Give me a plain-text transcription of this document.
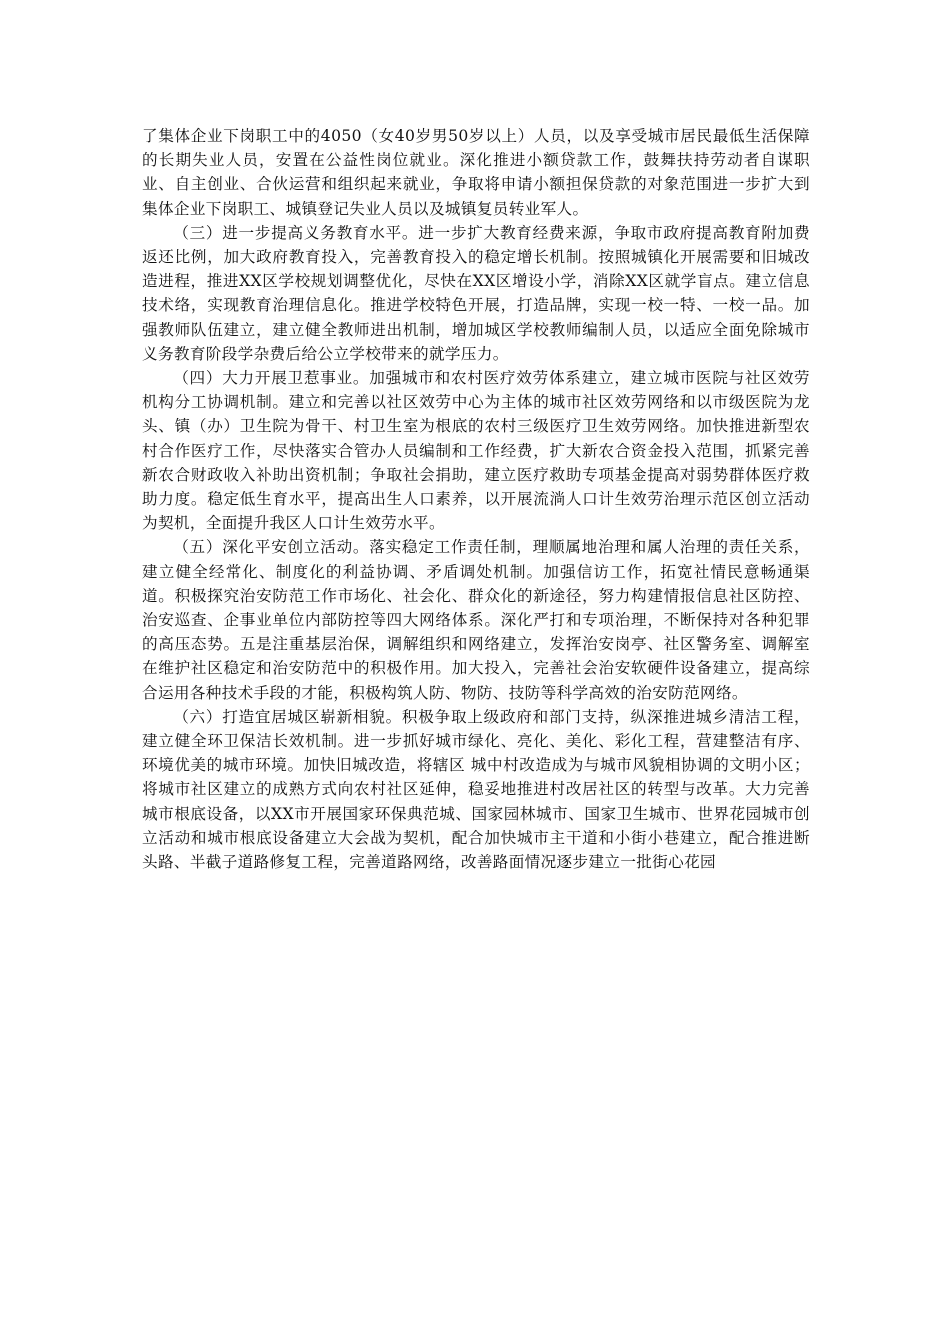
了集体企业下岗职工中的4050（女40岁男50岁以上）人员，以及享受城市居民最低生活保障的长期失业人员，安置在公益性岗位就业。深化推进小额贷款工作，鼓舞扶持劳动者自谋职业、自主创业、合伙运营和组织起来就业，争取将申请小额担保贷款的对象范围进一步扩大到集体企业下岗职工、城镇登记失业人员以及城镇复员转业军人。

（三）进一步提高义务教育水平。进一步扩大教育经费来源，争取市政府提高教育附加费返还比例，加大政府教育投入，完善教育投入的稳定增长机制。按照城镇化开展需要和旧城改造进程，推进XX区学校规划调整优化，尽快在XX区增设小学，消除XX区就学盲点。建立信息技术络，实现教育治理信息化。推进学校特色开展，打造品牌，实现一校一特、一校一品。加强教师队伍建立，建立健全教师进出机制，增加城区学校教师编制人员，以适应全面免除城市义务教育阶段学杂费后给公立学校带来的就学压力。

（四）大力开展卫惹事业。加强城市和农村医疗效劳体系建立，建立城市医院与社区效劳机构分工协调机制。建立和完善以社区效劳中心为主体的城市社区效劳网络和以市级医院为龙头、镇（办）卫生院为骨干、村卫生室为根底的农村三级医疗卫生效劳网络。加快推进新型农村合作医疗工作，尽快落实合管办人员编制和工作经费，扩大新农合资金投入范围，抓紧完善新农合财政收入补助出资机制；争取社会捐助，建立医疗救助专项基金提高对弱势群体医疗救助力度。稳定低生育水平，提高出生人口素养，以开展流淌人口计生效劳治理示范区创立活动为契机，全面提升我区人口计生效劳水平。

（五）深化平安创立活动。落实稳定工作责任制，理顺属地治理和属人治理的责任关系，建立健全经常化、制度化的利益协调、矛盾调处机制。加强信访工作，拓宽社情民意畅通渠道。积极探究治安防范工作市场化、社会化、群众化的新途径，努力构建情报信息社区防控、治安巡查、企事业单位内部防控等四大网络体系。深化严打和专项治理，不断保持对各种犯罪的高压态势。五是注重基层治保，调解组织和网络建立，发挥治安岗亭、社区警务室、调解室在维护社区稳定和治安防范中的积极作用。加大投入，完善社会治安软硬件设备建立，提高综合运用各种技术手段的才能，积极构筑人防、物防、技防等科学高效的治安防范网络。

（六）打造宜居城区崭新相貌。积极争取上级政府和部门支持，纵深推进城乡清洁工程，建立健全环卫保洁长效机制。进一步抓好城市绿化、亮化、美化、彩化工程，营建整洁有序、环境优美的城市环境。加快旧城改造，将辖区 城中村改造成为与城市风貌相协调的文明小区；将城市社区建立的成熟方式向农村社区延伸，稳妥地推进村改居社区的转型与改革。大力完善城市根底设备，以XX市开展国家环保典范城、国家园林城市、国家卫生城市、世界花园城市创立活动和城市根底设备建立大会战为契机，配合加快城市主干道和小街小巷建立，配合推进断头路、半截子道路修复工程，完善道路网络，改善路面情况逐步建立一批街心花园
